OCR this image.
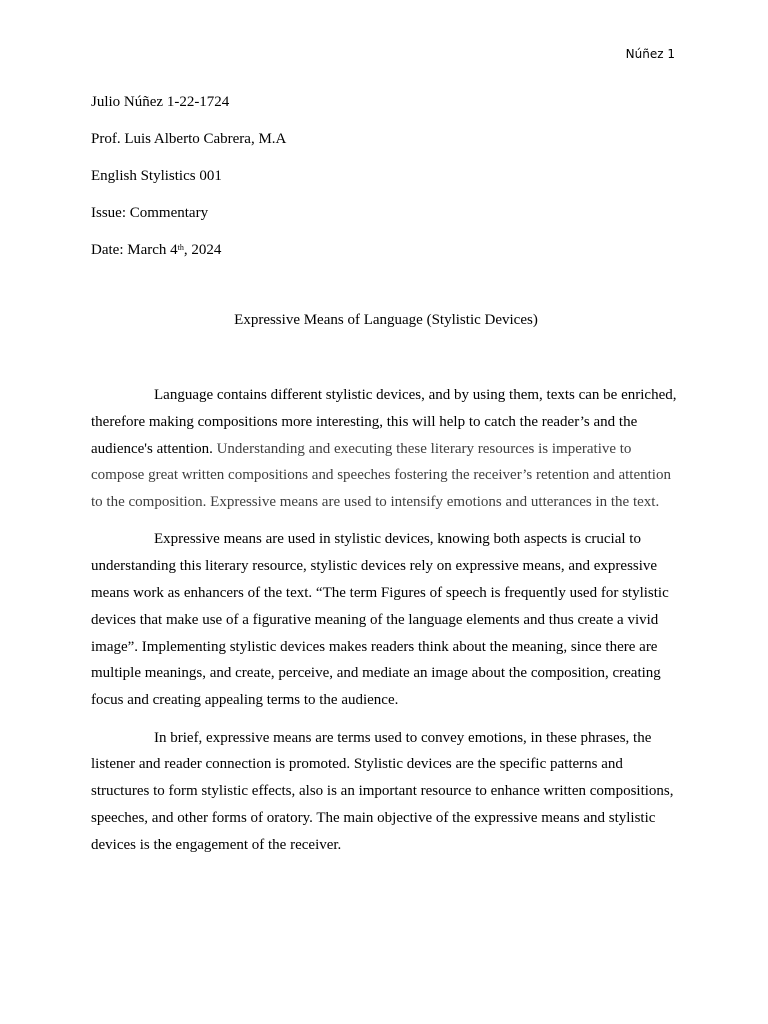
Núñez 1
Julio Núñez 1-22-1724
Prof. Luis Alberto Cabrera, M.A
English Stylistics 001
Issue: Commentary
Date: March 4th, 2024
Expressive Means of Language (Stylistic Devices)

Language contains different stylistic devices, and by using them, texts can be enriched, therefore making compositions more interesting, this will help to catch the reader’s and the audience's attention. Understanding and executing these literary resources is imperative to compose great written compositions and speeches fostering the receiver’s retention and attention to the composition. Expressive means are used to intensify emotions and utterances in the text.

Expressive means are used in stylistic devices, knowing both aspects is crucial to understanding this literary resource, stylistic devices rely on expressive means, and expressive means work as enhancers of the text. “The term Figures of speech is frequently used for stylistic devices that make use of a figurative meaning of the language elements and thus create a vivid image”. Implementing stylistic devices makes readers think about the meaning, since there are multiple meanings, and create, perceive, and mediate an image about the composition, creating focus and creating appealing terms to the audience.

In brief, expressive means are terms used to convey emotions, in these phrases, the listener and reader connection is promoted. Stylistic devices are the specific patterns and structures to form stylistic effects, also is an important resource to enhance written compositions, speeches, and other forms of oratory. The main objective of the expressive means and stylistic devices is the engagement of the receiver.
